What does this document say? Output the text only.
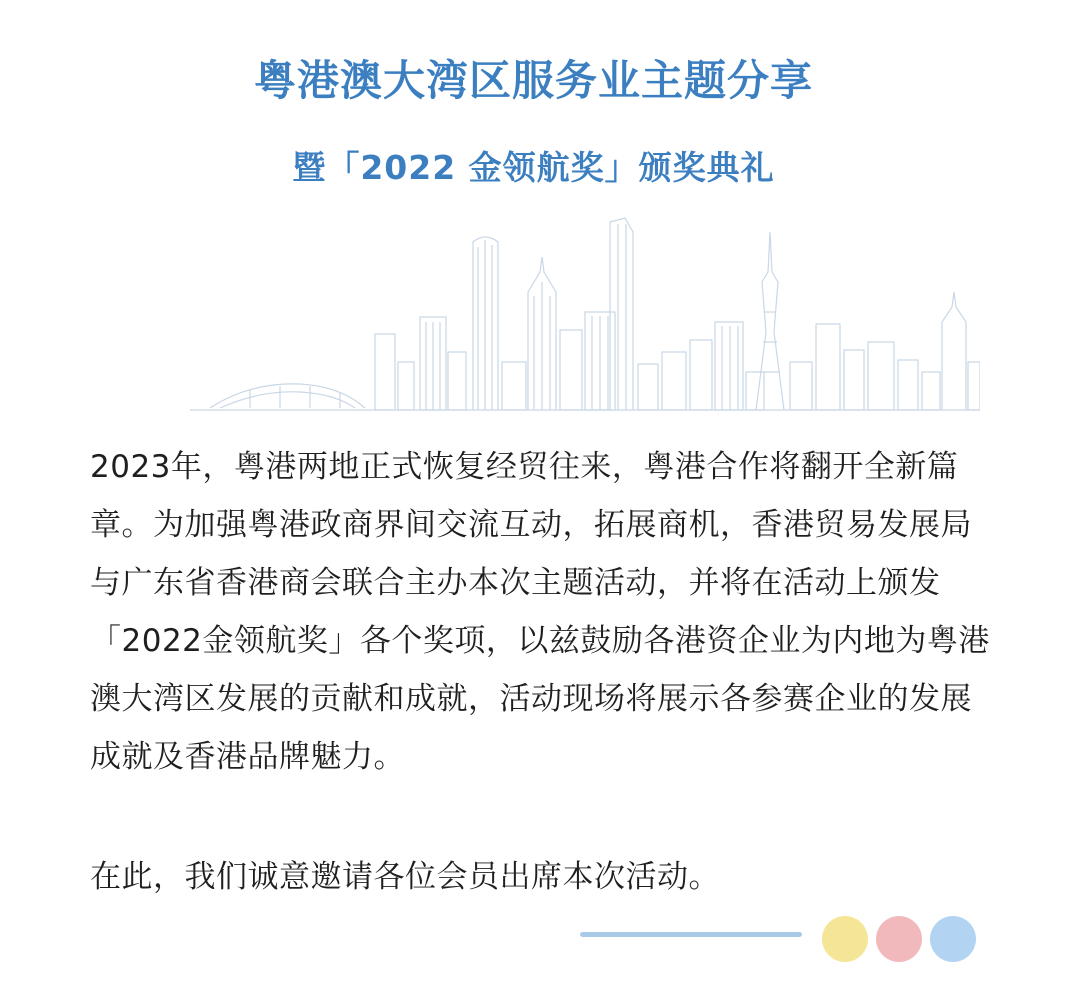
粤港澳大湾区服务业主题分享
暨「2022 金领航奖」颁奖典礼

2023年，粤港两地正式恢复经贸往来，粤港合作将翻开全新篇章。为加强粤港政商界间交流互动，拓展商机，香港贸易发展局与广东省香港商会联合主办本次主题活动，并将在活动上颁发「2022金领航奖」各个奖项，以兹鼓励各港资企业为内地为粤港澳大湾区发展的贡献和成就，活动现场将展示各参赛企业的发展成就及香港品牌魅力。

在此，我们诚意邀请各位会员出席本次活动。
